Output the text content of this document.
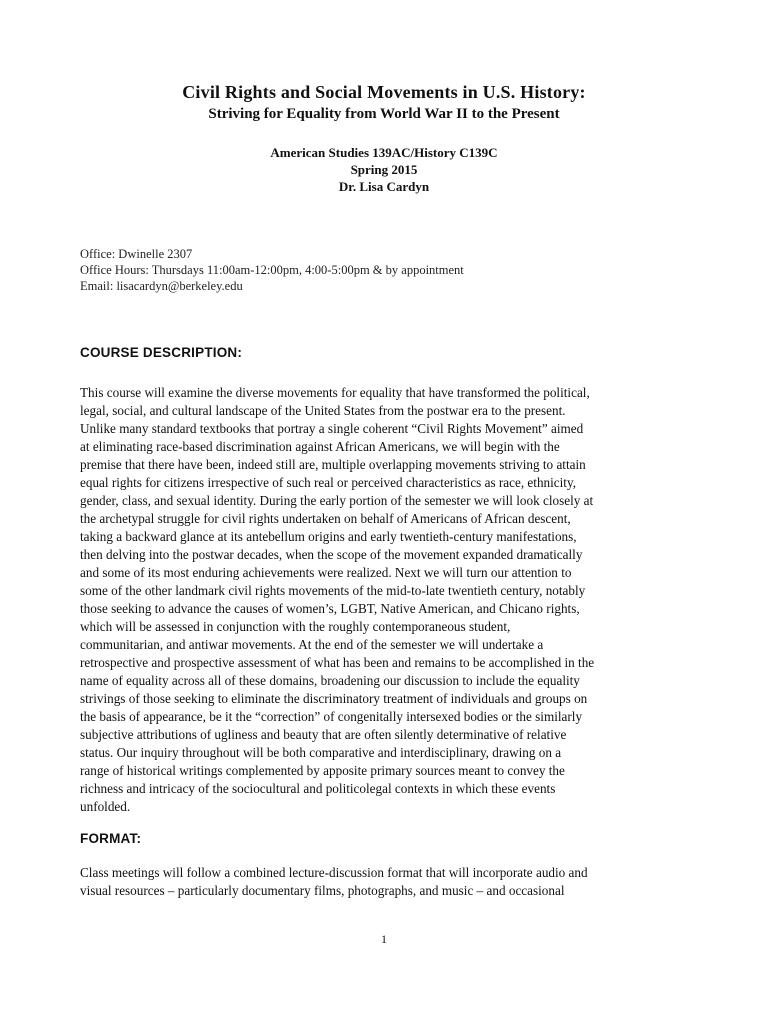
Civil Rights and Social Movements in U.S. History:
Striving for Equality from World War II to the Present
American Studies 139AC/History C139C
Spring 2015
Dr. Lisa Cardyn
Office: Dwinelle 2307
Office Hours: Thursdays 11:00am-12:00pm, 4:00-5:00pm & by appointment
Email: lisacardyn@berkeley.edu
COURSE DESCRIPTION:
This course will examine the diverse movements for equality that have transformed the political,
legal, social, and cultural landscape of the United States from the postwar era to the present.
Unlike many standard textbooks that portray a single coherent “Civil Rights Movement” aimed
at eliminating race-based discrimination against African Americans, we will begin with the
premise that there have been, indeed still are, multiple overlapping movements striving to attain
equal rights for citizens irrespective of such real or perceived characteristics as race, ethnicity,
gender, class, and sexual identity. During the early portion of the semester we will look closely at
the archetypal struggle for civil rights undertaken on behalf of Americans of African descent,
taking a backward glance at its antebellum origins and early twentieth-century manifestations,
then delving into the postwar decades, when the scope of the movement expanded dramatically
and some of its most enduring achievements were realized. Next we will turn our attention to
some of the other landmark civil rights movements of the mid-to-late twentieth century, notably
those seeking to advance the causes of women’s, LGBT, Native American, and Chicano rights,
which will be assessed in conjunction with the roughly contemporaneous student,
communitarian, and antiwar movements. At the end of the semester we will undertake a
retrospective and prospective assessment of what has been and remains to be accomplished in the
name of equality across all of these domains, broadening our discussion to include the equality
strivings of those seeking to eliminate the discriminatory treatment of individuals and groups on
the basis of appearance, be it the “correction” of congenitally intersexed bodies or the similarly
subjective attributions of ugliness and beauty that are often silently determinative of relative
status. Our inquiry throughout will be both comparative and interdisciplinary, drawing on a
range of historical writings complemented by apposite primary sources meant to convey the
richness and intricacy of the sociocultural and politicolegal contexts in which these events
unfolded.
FORMAT:
Class meetings will follow a combined lecture-discussion format that will incorporate audio and
visual resources – particularly documentary films, photographs, and music – and occasional
1
